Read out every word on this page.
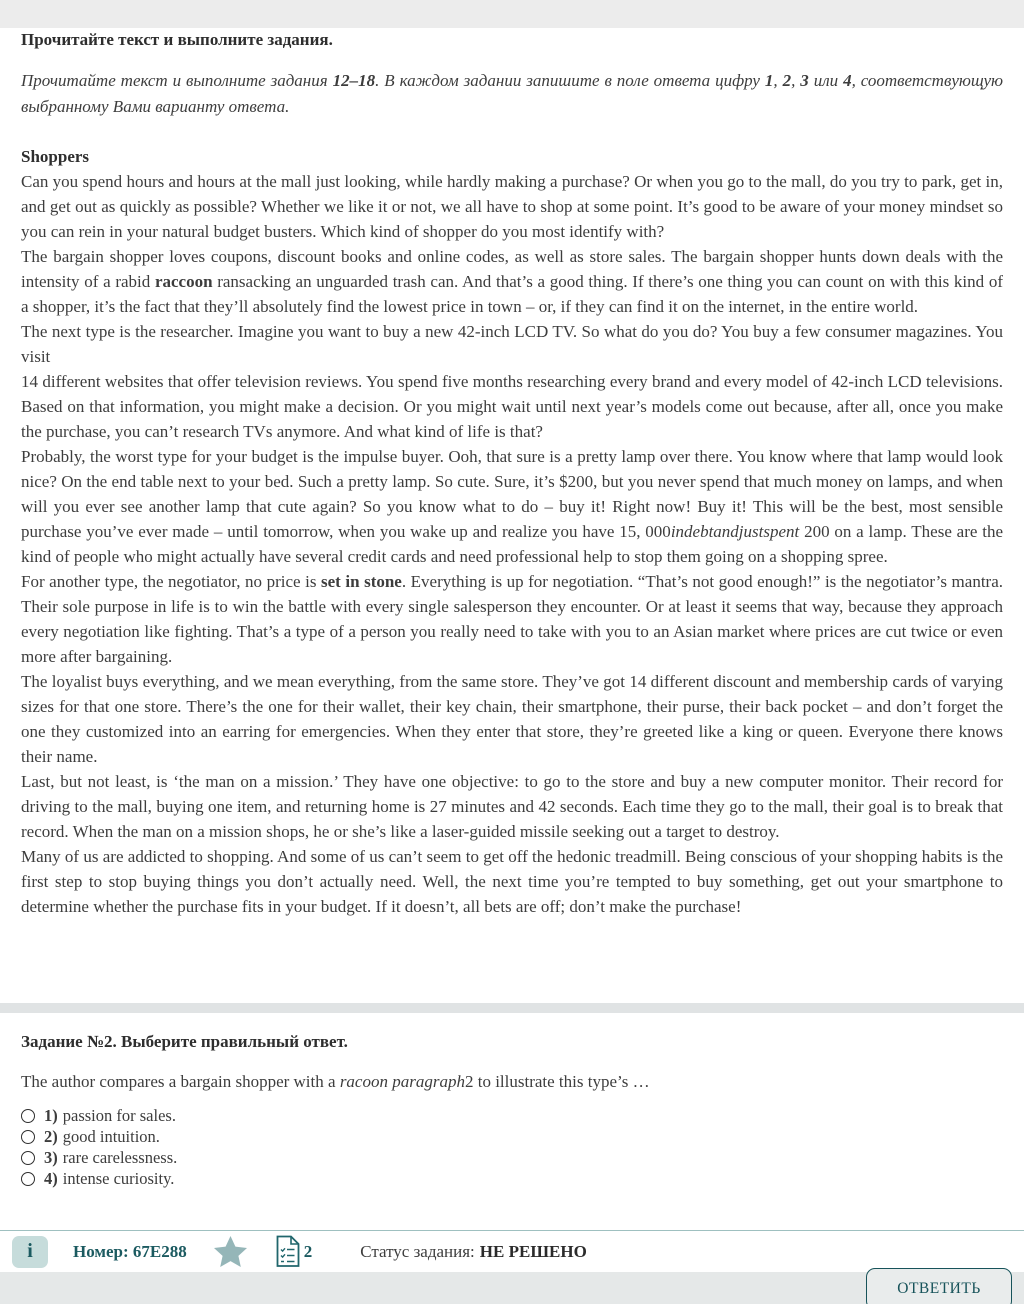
Прочитайте текст и выполните задания.
Прочитайте текст и выполните задания 12–18. В каждом задании запишите в поле ответа цифру 1, 2, 3 или 4, соответствующую выбранному Вами варианту ответа.
Shoppers

Can you spend hours and hours at the mall just looking, while hardly making a purchase? Or when you go to the mall, do you try to park, get in, and get out as quickly as possible? Whether we like it or not, we all have to shop at some point. It’s good to be aware of your money mindset so you can rein in your natural budget busters. Which kind of shopper do you most identify with?

The bargain shopper loves coupons, discount books and online codes, as well as store sales. The bargain shopper hunts down deals with the intensity of a rabid raccoon ransacking an unguarded trash can. And that’s a good thing. If there’s one thing you can count on with this kind of a shopper, it’s the fact that they’ll absolutely find the lowest price in town – or, if they can find it on the internet, in the entire world.

The next type is the researcher. Imagine you want to buy a new 42-inch LCD TV. So what do you do? You buy a few consumer magazines. You visit

14 different websites that offer television reviews. You spend five months researching every brand and every model of 42-inch LCD televisions. Based on that information, you might make a decision. Or you might wait until next year’s models come out because, after all, once you make the purchase, you can’t research TVs anymore. And what kind of life is that?

Probably, the worst type for your budget is the impulse buyer. Ooh, that sure is a pretty lamp over there. You know where that lamp would look nice? On the end table next to your bed. Such a pretty lamp. So cute. Sure, it’s $200, but you never spend that much money on lamps, and when will you ever see another lamp that cute again? So you know what to do – buy it! Right now! Buy it! This will be the best, most sensible purchase you’ve ever made – until tomorrow, when you wake up and realize you have 15, 000indebtandjustspent 200 on a lamp. These are the kind of people who might actually have several credit cards and need professional help to stop them going on a shopping spree.

For another type, the negotiator, no price is set in stone. Everything is up for negotiation. “That’s not good enough!” is the negotiator’s mantra. Their sole purpose in life is to win the battle with every single salesperson they encounter. Or at least it seems that way, because they approach every negotiation like fighting. That’s a type of a person you really need to take with you to an Asian market where prices are cut twice or even more after bargaining.

The loyalist buys everything, and we mean everything, from the same store. They’ve got 14 different discount and membership cards of varying sizes for that one store. There’s the one for their wallet, their key chain, their smartphone, their purse, their back pocket – and don’t forget the one they customized into an earring for emergencies. When they enter that store, they’re greeted like a king or queen. Everyone there knows their name.

Last, but not least, is ‘the man on a mission.’ They have one objective: to go to the store and buy a new computer monitor. Their record for driving to the mall, buying one item, and returning home is 27 minutes and 42 seconds. Each time they go to the mall, their goal is to break that record. When the man on a mission shops, he or she’s like a laser-guided missile seeking out a target to destroy.

Many of us are addicted to shopping. And some of us can’t seem to get off the hedonic treadmill. Being conscious of your shopping habits is the first step to stop buying things you don’t actually need. Well, the next time you’re tempted to buy something, get out your smartphone to determine whether the purchase fits in your budget. If it doesn’t, all bets are off; don’t make the purchase!

Задание №2. Выберите правильный ответ.
The author compares a bargain shopper with a racoon paragraph2 to illustrate this type’s …
1) passion for sales.
2) good intuition.
3) rare carelessness.
4) intense curiosity.
i	Номер: 67E288	2	Статус задания: НЕ РЕШЕНО
ОТВЕТИТЬ
